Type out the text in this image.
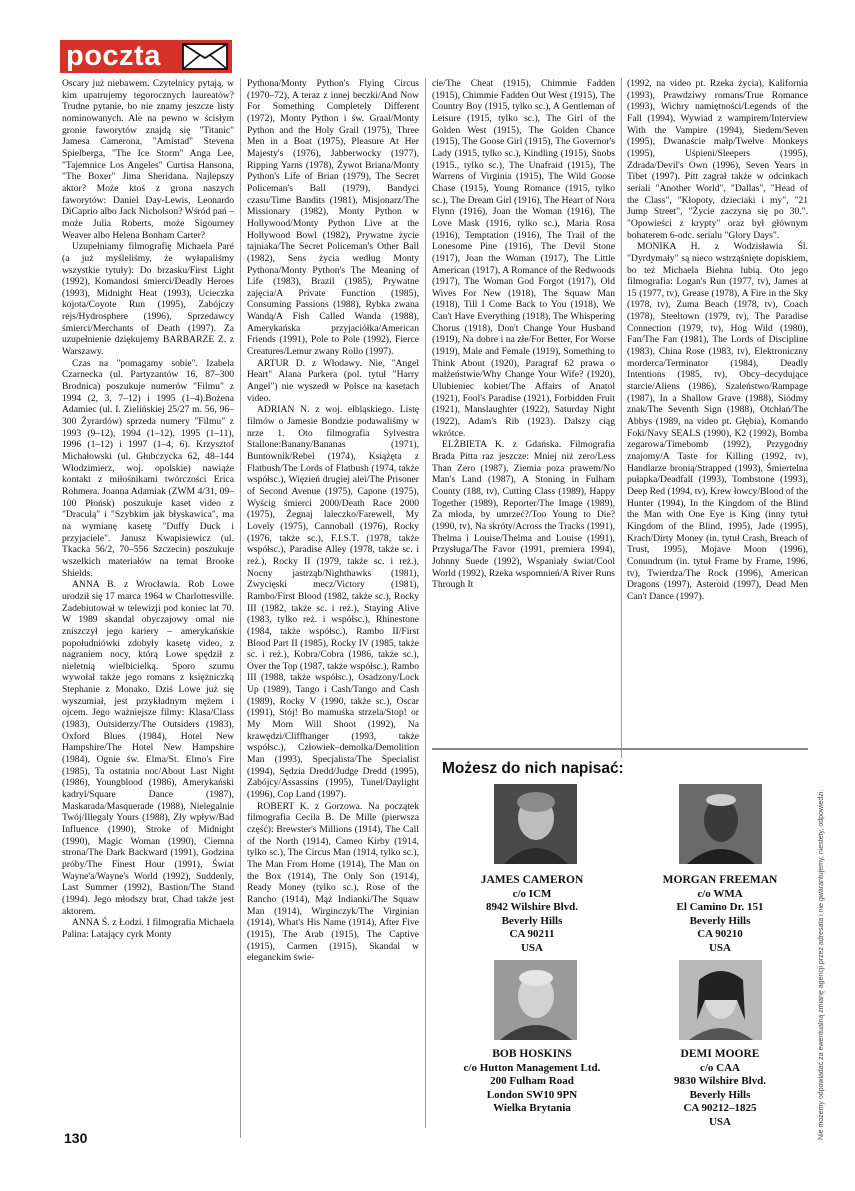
poczta

Oscary już niebawem. Czytelnicy pytają, w kim upatrujemy tegorocznych laureatów? Trudne pytanie, bo nie znamy jeszcze listy nominowanych. Ale na pewno w ścisłym gronie faworytów znajdą się "Titanic" Jamesa Camerona, "Amistad" Stevena Spielberga, "The Ice Storm" Anga Lee, "Tajemnice Los Angeles" Curtisa Hansona, "The Boxer" Jima Sheridana. Najlepszy aktor? Może ktoś z grona naszych faworytów: Daniel Day-Lewis, Leonardo DiCaprio albo Jack Nicholson? Wśród pań – może Julia Roberts, może Sigourney Weaver albo Helena Bonham Carter?

Uzupełniamy filmografię Michaela Paré (a już myśleliśmy, że wyłapaliśmy wszystkie tytuły): Do brzasku/First Light (1992), Komandosi śmierci/Deadly Heroes (1993), Midnight Heat (1993), Ucieczka kojota/Coyote Run (1995), Zabójczy rejs/Hydrosphere (1996), Sprzedawcy śmierci/Merchants of Death (1997). Za uzupełnienie dziękujemy BARBARZE Z. z Warszawy.

Czas na "pomagamy sobie". Izabela Czarnecka (ul. Partyzantów 16, 87–300 Brodnica) poszukuje numerów "Filmu" z 1994 (2, 3, 7–12) i 1995 (1–4).Bożena Adamiec (ul. I. Zielińskiej 25/27 m. 56, 96–300 Żyrardów) sprzeda numery "Filmu" z 1993 (9–12), 1994 (1–12), 1995 (1–11), 1996 (1–12) i 1997 (1–4, 6). Krzysztof Michałowski (ul. Głubczycka 62, 48–144 Włodzimierz, woj. opolskie) nawiąże kontakt z miłośnikami twórczości Erica Rohmera. Joanna Adamiak (ZWM 4/31, 09–100 Płońsk) poszukuje kaset video z "Draculą" i "Szybkim jak błyskawica", ma na wymianę kasetę "Duffy Duck i przyjaciele". Janusz Kwapisiewicz (ul. Tkacka 56/2, 70–556 Szczecin) poszukuje wszelkich materiałów na temat Brooke Shields.

ANNA B. z Wrocławia. Rob Lowe urodził się 17 marca 1964 w Charlottesville. Zadebiutował w telewizji pod koniec lat 70. W 1989 skandal obyczajowy omal nie zniszczył jego kariery – amerykańskie popołudniówki zdobyły kasetę video, z nagraniem nocy, którą Lowe spędził z nieletnią wielbicielką. Sporo szumu wywołał także jego romans z księżniczką Stephanie z Monako. Dziś Lowe już się wyszumiał, jest przykładnym mężem i ojcem. Jego ważniejsze filmy: Klasa/Class (1983), Outsiderzy/The Outsiders (1983), Oxford Blues (1984), Hotel New Hampshire/The Hotel New Hampshire (1984), Ognie św. Elma/St. Elmo's Fire (1985), Ta ostatnia noc/About Last Night (1986), Youngblood (1986), Amerykański kadryl/Square Dance (1987), Maskarada/Masquerade (1988), Nielegalnie Twój/Illegaly Yours (1988), Zły wpływ/Bad Influence (1990), Stroke of Midnight (1990), Magic Woman (1990), Ciemna strona/The Dark Backward (1991), Godzina próby/The Finest Hour (1991), Świat Wayne'a/Wayne's World (1992), Suddenly, Last Summer (1992), Bastion/The Stand (1994). Jego młodszy brat, Chad także jest aktorem.

ANNA Ś. z Łodzi. I filmografia Michaela Palina: Latający cyrk Monty

Pythona/Monty Python's Flying Circus (1970–72), A teraz z innej beczki/And Now For Something Completely Different (1972), Monty Python i św. Graal/Monty Python and the Holy Grail (1975), Three Men in a Boat (1975), Pleasure At Her Majesty's (1976), Jabberwocky (1977), Ripping Yarns (1978), Żywot Briana/Monty Python's Life of Brian (1979), The Secret Policeman's Ball (1979), Bandyci czasu/Time Bandits (1981), Misjonarz/The Missionary (1982), Monty Python w Hollywood/Monty Python Live at the Hollywood Bowl (1982), Prywatne życie tajniaka/The Secret Policeman's Other Ball (1982), Sens życia według Monty Pythona/Monty Python's The Meaning of Life (1983), Brazil (1985), Prywatne zajęcia/A Private Function (1985), Consuming Passions (1988), Rybka zwana Wandą/A Fish Called Wanda (1988), Amerykańska przyjaciółka/American Friends (1991), Pole to Pole (1992), Fierce Creatures/Lemur zwany Rollo (1997).

ARTUR D. z Włodawy. Nie, "Angel Heart" Alana Parkera (pol. tytuł "Harry Angel") nie wyszedł w Polsce na kasetach video.

ADRIAN N. z woj. elbląskiego. Listę filmów o Jamesie Bondzie podawaliśmy w nrze 1. Oto filmografia Sylvestra Stallone:Banany/Bananas (1971), Buntownik/Rebel (1974), Książęta z Flatbush/The Lords of Flatbush (1974, także współsc.), Więzień drugiej alei/The Prisoner of Second Avenue (1975), Capone (1975), Wyścig śmierci 2000/Death Race 2000 (1975), Żegnaj laleczko/Farewell, My Lovely (1975), Cannoball (1976), Rocky (1976, także sc.), F.I.S.T. (1978, także współsc.), Paradise Alley (1978, także sc. i reż.), Rocky II (1979, także sc. i reż.), Nocny jastrząb/Nighthawks (1981), Zwycięski mecz/Victory (1981), Rambo/First Blood (1982, także sc.), Rocky III (1982, także sc. i reż.), Staying Alive (1983, tylko reż. i współsc.), Rhinestone (1984, także współsc.), Rambo II/First Blood Part II (1985), Rocky IV (1985, także sc. i reż.), Kobra/Cobra (1986, także sc.), Over the Top (1987, także współsc.), Rambo III (1988, także współsc.), Osadzony/Lock Up (1989), Tango i Cash/Tango and Cash (1989), Rocky V (1990, także sc.), Oscar (1991), Stój! Bo mamuśka strzela/Stop! or My Mom Will Shoot (1992), Na krawędzi/Cliffhanger (1993, także współsc.), Człowiek–demolka/Demolition Man (1993), Specjalista/The Specialist (1994), Sędzia Dredd/Judge Dredd (1995), Zabójcy/Assassins (1995), Tunel/Daylight (1996), Cop Land (1997).

ROBERT K. z Gorzowa. Na początek filmografia Cecila B. De Mille (pierwsza część): Brewster's Millions (1914), The Call of the North (1914), Cameo Kirby (1914, tylko sc.), The Circus Man (1914, tylko sc.), The Man From Home (1914), The Man on the Box (1914), The Only Son (1914), Ready Money (tylko sc.), Rose of the Rancho (1914), Mąż Indianki/The Squaw Man (1914), Wirginczyk/The Virginian (1914), What's His Name (1914), After Five (1915), The Arab (1915), The Captive (1915), Carmen (1915), Skandal w eleganckim świe-

cie/The Cheat (1915), Chimmie Fadden (1915), Chimmie Fadden Out West (1915), The Country Boy (1915, tylko sc.), A Gentleman of Leisure (1915, tylko sc.), The Girl of the Golden West (1915), The Golden Chance (1915), The Goose Girl (1915), The Governor's Lady (1915, tylko sc.), Kindling (1915), Snobs (1915., tylko sc.), The Unafraid (1915), The Warrens of Virginia (1915), The Wild Goose Chase (1915), Young Romance (1915, tylko sc.), The Dream Girl (1916), The Heart of Nora Flynn (1916), Joan the Woman (1916), The Love Mask (1916, tylko sc.), Maria Rosa (1916), Temptation (1916), The Trail of the Lonesome Pine (1916), The Devil Stone (1917), Joan the Woman (1917), The Little American (1917), A Romance of the Redwoods (1917), The Woman God Forgot (1917), Old Wives For New (1918), The Squaw Man (1918), Till I Come Back to You (1918), We Can't Have Everything (1918), The Whispering Chorus (1918), Don't Change Your Husband (1919), Na dobre i na złe/For Better, For Worse (1919), Male and Female (1919), Something to Think About (1920), Paragraf 62 prawa o małżeństwie/Why Change Your Wife? (1920), Ulubieniec kobiet/The Affairs of Anatol (1921), Fool's Paradise (1921), Forbidden Fruit (1921), Manslaughter (1922), Saturday Night (1922), Adam's Rib (1923). Dalszy ciąg wkrótce.

ELŻBIETA K. z Gdańska. Filmografia Brada Pitta raz jeszcze: Mniej niż zero/Less Than Zero (1987), Ziemia poza prawem/No Man's Land (1987), A Stoning in Fulham County (188, tv), Cutting Class (1989), Happy Together (1989), Reporter/The Image (1989), Za młoda, by umrzeć?/Too Young to Die? (1990, tv), Na skróty/Across the Tracks (1991), Thelma i Louise/Thelma and Louise (1991), Przysługa/The Favor (1991, premiera 1994), Johnny Suede (1992), Wspaniały świat/Cool World (1992), Rzeka wspomnień/A River Runs Through It

(1992, na video pt. Rzeka życia), Kalifornia (1993), Prawdziwy romans/True Romance (1993), Wichry namiętności/Legends of the Fall (1994), Wywiad z wampirem/Interview With the Vampire (1994), Siedem/Seven (1995), Dwanaście małp/Twelve Monkeys (1995), Uśpieni/Sleepers (1995), Zdrada/Devil's Own (1996), Seven Years in Tibet (1997). Pitt zagrał także w odcinkach seriali "Another World", "Dallas", "Head of the Class", "Kłopoty, dzieciaki i my", "21 Jump Street", "Życie zaczyna się po 30.". "Opowieści z krypty" oraz był głównym bohaterem 6-odc. serialu "Glory Days".

MONIKA H. z Wodzisławia Śl. "Dyrdymały" są nieco wstrząśnięte dopiskiem, bo też Michaela Biehna lubią. Oto jego filmografia: Logan's Run (1977, tv), James at 15 (1977, tv), Grease (1978), A Fire in the Sky (1978, tv), Zuma Beach (1978, tv), Coach (1978), Steeltown (1979, tv), The Paradise Connection (1979, tv), Hog Wild (1980), Fan/The Fan (1981), The Lords of Discipline (1983), China Rose (1983, tv), Elektroniczny morderca/Terminator (1984), Deadly Intentions (1985, tv), Obcy–decydujące starcie/Aliens (1986), Szaleństwo/Rampage (1987), In a Shallow Grave (1988), Siódmy znak/The Seventh Sign (1988), Otchłań/The Abbys (1989, na video pt. Głębia), Komando Foki/Navy SEALS (1990), K2 (1992), Bomba zegarowa/Timebomb (1992), Przygodny znajomy/A Taste for Killing (1992, tv), Handlarze bronią/Strapped (1993), Śmiertelna pułapka/Deadfall (1993), Tombstone (1993), Deep Red (1994, tv), Krew łowcy/Blood of the Hunter (1994), In the Kingdom of the Blind the Man with One Eye is King (inny tytuł Kingdom of the Blind, 1995), Jade (1995), Krach/Dirty Money (in. tytuł Crash, Breach of Trust, 1995), Mojave Moon (1996), Conundrum (in. tytuł Frame by Frame, 1996, tv), Twierdza/The Rock (1996), American Dragons (1997), Asteroid (1997), Dead Men Can't Dance (1997).

130
Możesz do nich napisać:
JAMES CAMERON
c/o ICM
8942 Wilshire Blvd.
Beverly Hills
CA 90211
USA
MORGAN FREEMAN
c/o WMA
El Camino Dr. 151
Beverly Hills
CA 90210
USA
BOB HOSKINS
c/o Hutton Management Ltd.
200 Fulham Road
London SW10 9PN
Wielka Brytania
DEMI MOORE
c/o CAA
9830 Wilshire Blvd.
Beverly Hills
CA 90212–1825
USA	Nie możemy odpowiadać za ewentualną zmianę agencji przez adresata i nie gwarantujemy, niestety, odpowiedzi.
